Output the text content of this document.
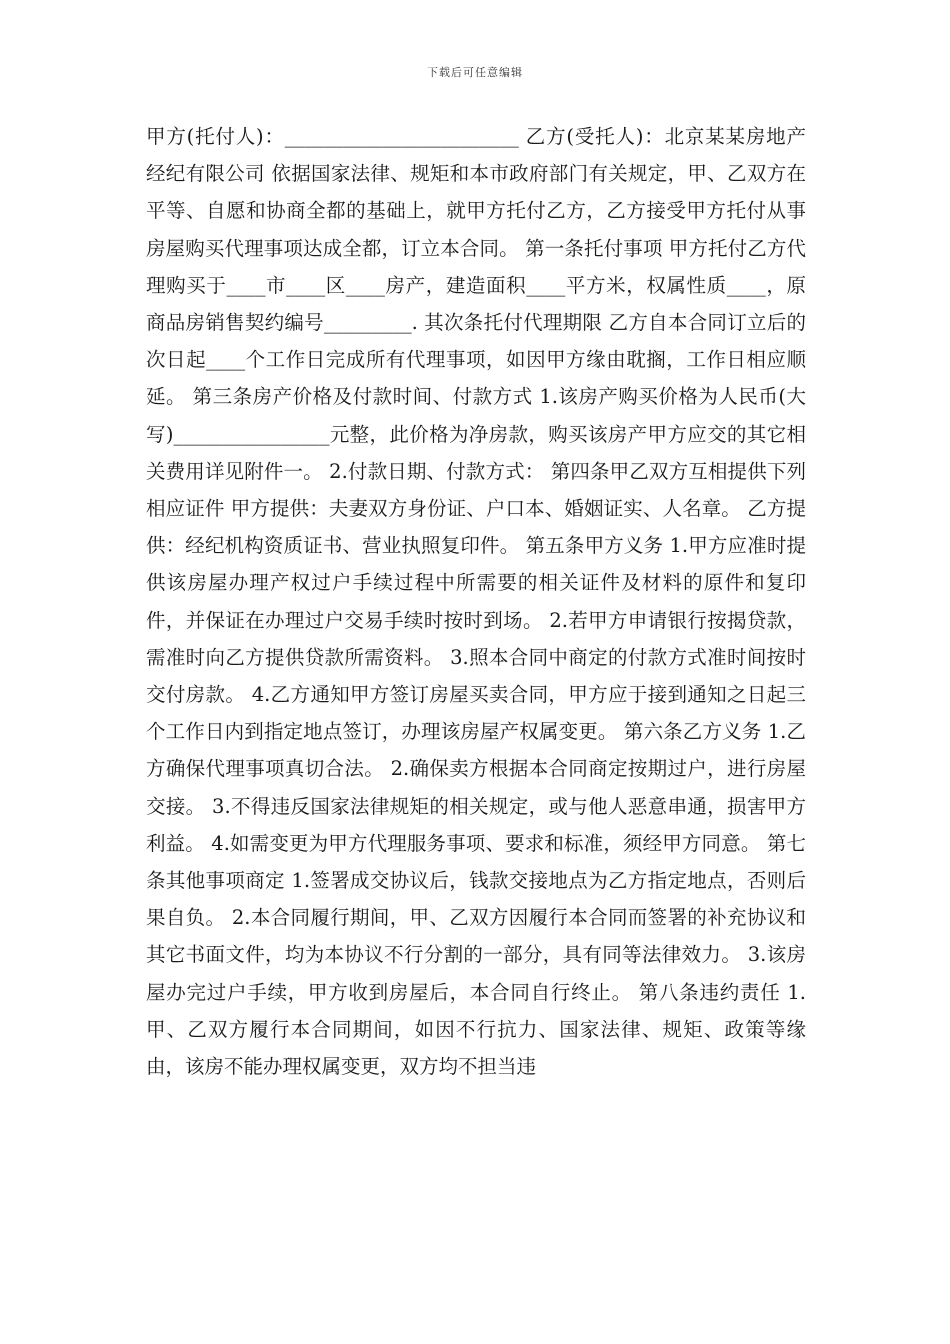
下载后可任意编辑

甲方(托付人)：________________________ 乙方(受托人)：北京某某房地产经纪有限公司 依据国家法律、规矩和本市政府部门有关规定，甲、乙双方在平等、自愿和协商全都的基础上，就甲方托付乙方，乙方接受甲方托付从事房屋购买代理事项达成全都，订立本合同。 第一条托付事项 甲方托付乙方代理购买于____市____区____房产，建造面积____平方米，权属性质____，原商品房销售契约编号_________. 其次条托付代理期限 乙方自本合同订立后的次日起____个工作日完成所有代理事项，如因甲方缘由耽搁，工作日相应顺延。 第三条房产价格及付款时间、付款方式 1.该房产购买价格为人民币(大写)________________元整，此价格为净房款，购买该房产甲方应交的其它相关费用详见附件一。 2.付款日期、付款方式： 第四条甲乙双方互相提供下列相应证件 甲方提供：夫妻双方身份证、户口本、婚姻证实、人名章。 乙方提供：经纪机构资质证书、营业执照复印件。 第五条甲方义务 1.甲方应准时提供该房屋办理产权过户手续过程中所需要的相关证件及材料的原件和复印件，并保证在办理过户交易手续时按时到场。 2.若甲方申请银行按揭贷款，需准时向乙方提供贷款所需资料。 3.照本合同中商定的付款方式准时间按时交付房款。 4.乙方通知甲方签订房屋买卖合同，甲方应于接到通知之日起三个工作日内到指定地点签订，办理该房屋产权属变更。 第六条乙方义务 1.乙方确保代理事项真切合法。 2.确保卖方根据本合同商定按期过户，进行房屋交接。 3.不得违反国家法律规矩的相关规定，或与他人恶意串通，损害甲方利益。 4.如需变更为甲方代理服务事项、要求和标准，须经甲方同意。 第七条其他事项商定 1.签署成交协议后，钱款交接地点为乙方指定地点，否则后果自负。 2.本合同履行期间，甲、乙双方因履行本合同而签署的补充协议和其它书面文件，均为本协议不行分割的一部分，具有同等法律效力。 3.该房屋办完过户手续，甲方收到房屋后，本合同自行终止。 第八条违约责任 1.甲、乙双方履行本合同期间，如因不行抗力、国家法律、规矩、政策等缘由，该房不能办理权属变更，双方均不担当违
